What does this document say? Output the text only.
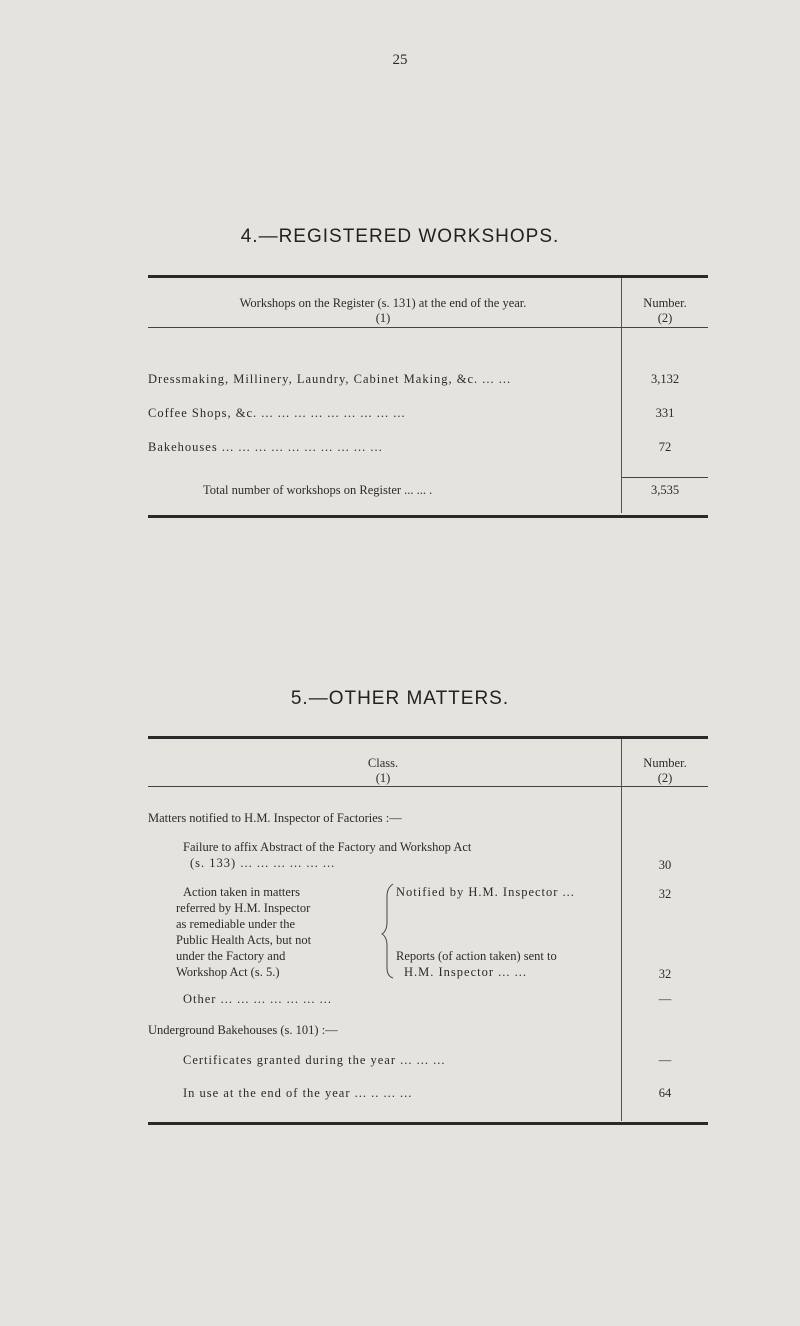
25
4.—REGISTERED WORKSHOPS.
Workshops on the Register (s. 131) at the end of the year.
(1)
Number.
(2)
Dressmaking, Millinery, Laundry, Cabinet Making, &c. ... ...	3,132
Coffee Shops, &c. ... ... ... ... ... ... ... ... ...	331
Bakehouses ... ... ... ... ... ... ... ... ... ...	72
Total number of workshops on Register ... ... .	3,535
5.—OTHER MATTERS.
Class.
(1)
Number.
(2)
Matters notified to H.M. Inspector of Factories :—
Failure to affix Abstract of the Factory and Workshop Act
(s. 133) ... ... ... ... ... ...	30
Action taken in matters
referred by H.M. Inspector
as remediable under the
Public Health Acts, but not
under the Factory and
Workshop Act (s. 5.)
Notified by H.M. Inspector ...	32
Reports (of action taken) sent to
H.M. Inspector ... ...	32
Other ... ... ... ... ... ... ...	—
Underground Bakehouses (s. 101) :—
Certificates granted during the year ... ... ...	—
In use at the end of the year ... .. ... ...	64
